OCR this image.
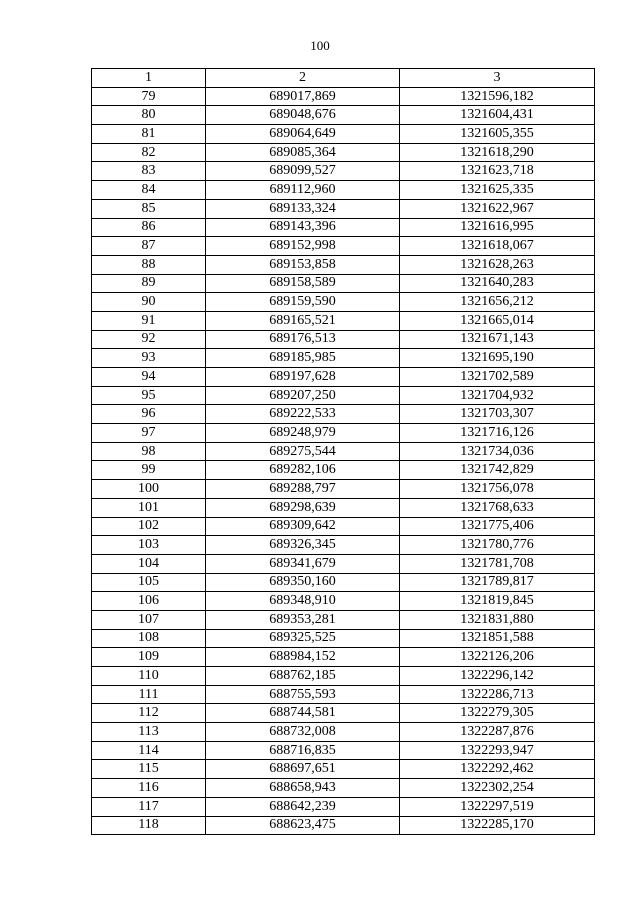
100
1	2	3
79	689017,869	1321596,182
80	689048,676	1321604,431
81	689064,649	1321605,355
82	689085,364	1321618,290
83	689099,527	1321623,718
84	689112,960	1321625,335
85	689133,324	1321622,967
86	689143,396	1321616,995
87	689152,998	1321618,067
88	689153,858	1321628,263
89	689158,589	1321640,283
90	689159,590	1321656,212
91	689165,521	1321665,014
92	689176,513	1321671,143
93	689185,985	1321695,190
94	689197,628	1321702,589
95	689207,250	1321704,932
96	689222,533	1321703,307
97	689248,979	1321716,126
98	689275,544	1321734,036
99	689282,106	1321742,829
100	689288,797	1321756,078
101	689298,639	1321768,633
102	689309,642	1321775,406
103	689326,345	1321780,776
104	689341,679	1321781,708
105	689350,160	1321789,817
106	689348,910	1321819,845
107	689353,281	1321831,880
108	689325,525	1321851,588
109	688984,152	1322126,206
110	688762,185	1322296,142
111	688755,593	1322286,713
112	688744,581	1322279,305
113	688732,008	1322287,876
114	688716,835	1322293,947
115	688697,651	1322292,462
116	688658,943	1322302,254
117	688642,239	1322297,519
118	688623,475	1322285,170
